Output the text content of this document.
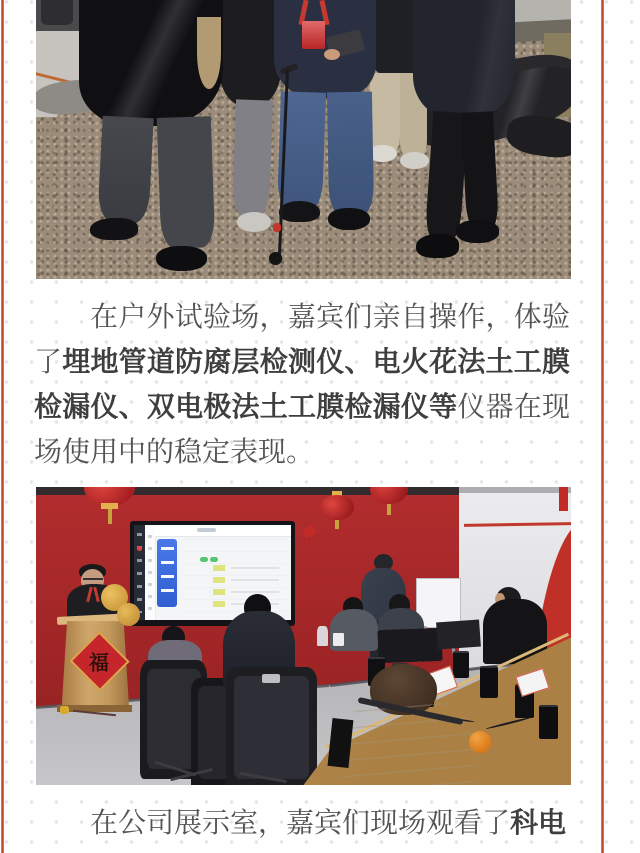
在户外试验场，嘉宾们亲自操作，体验了埋地管道防腐层检测仪、电火花法土工膜检漏仪、双电极法土工膜检漏仪等仪器在现场使用中的稳定表现。

福

在公司展示室，嘉宾们现场观看了科电
